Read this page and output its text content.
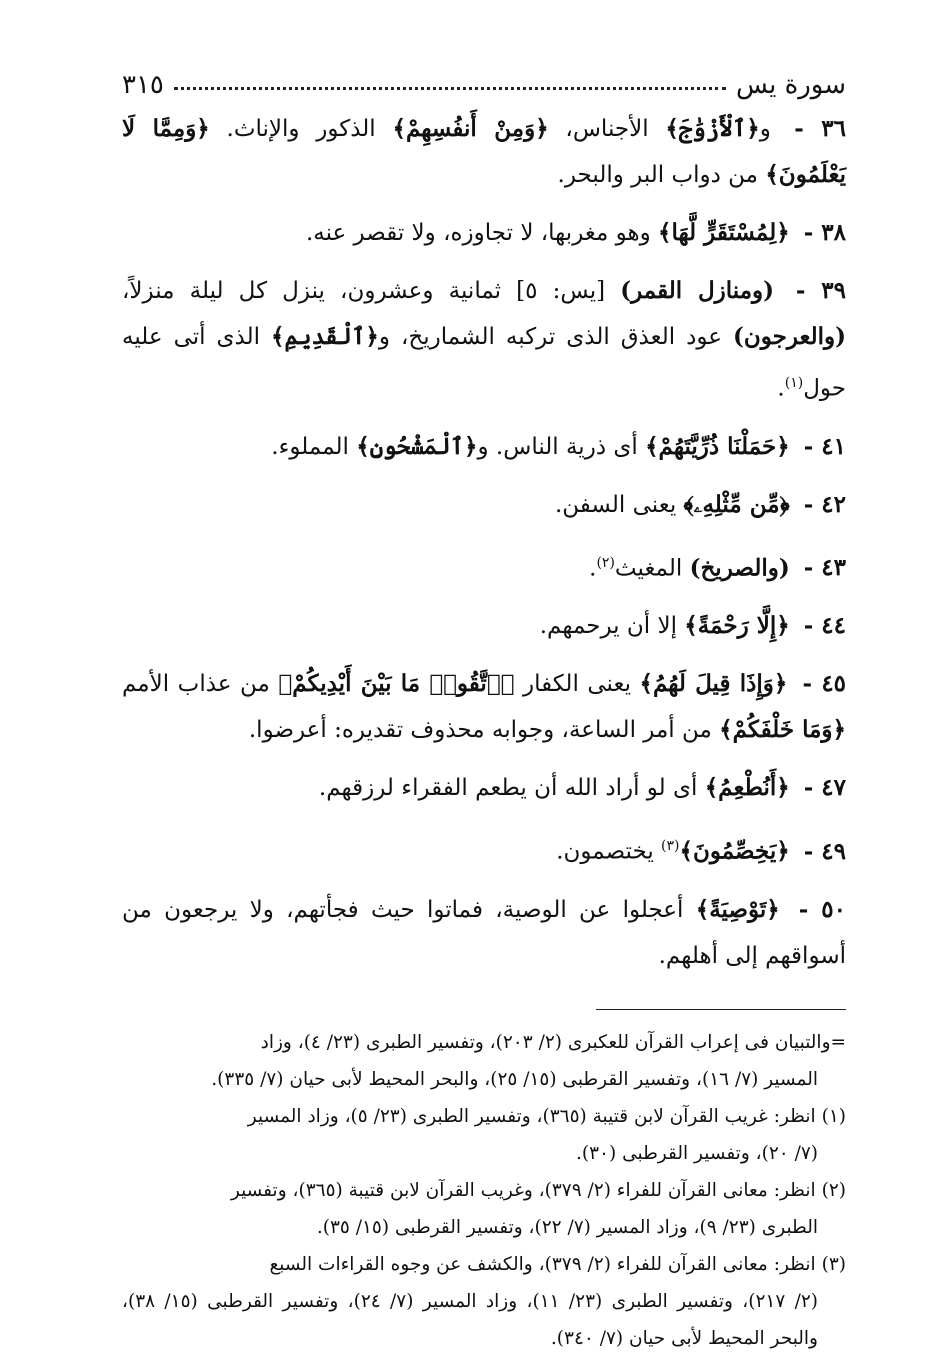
سورة يس
٣١٥

٣٦ - و﴿ٱلْأَزْوَٰجَ﴾ الأجناس، ﴿وَمِنْ أَنفُسِهِمْ﴾ الذكور والإناث. ﴿وَمِمَّا لَا يَعْلَمُونَ﴾ من دواب البر والبحر.

٣٨ - ﴿لِمُسْتَقَرٍّ لَّهَا﴾ وهو مغربها، لا تجاوزه، ولا تقصر عنه.

٣٩ - (ومنازل القمر) [يس: ٥] ثمانية وعشرون، ينزل كل ليلة منزلاً، (والعرجون) عود العذق الذى تركبه الشماريخ، و﴿ٱلْقَدِيمِ﴾ الذى أتى عليه حول$^{(١)}$.

٤١ - ﴿حَمَلْنَا ذُرِّيَّتَهُمْ﴾ أى ذرية الناس. و﴿ٱلْمَشْحُونِ﴾ المملوء.

٤٢ - ﴿مِّن مِّثْلِهِۦ﴾ يعنى السفن.

٤٣ - (والصريخ) المغيث$^{(٢)}$.

٤٤ - ﴿إِلَّا رَحْمَةً﴾ إلا أن يرحمهم.

٤٥ - ﴿وَإِذَا قِيلَ لَهُمُ﴾ يعنى الكفار ﴿ٱتَّقُوا۟ مَا بَيْنَ أَيْدِيكُمْ﴾ من عذاب الأمم ﴿وَمَا خَلْفَكُمْ﴾ من أمر الساعة، وجوابه محذوف تقديره: أعرضوا.

٤٧ - ﴿أَنُطْعِمُ﴾ أى لو أراد الله أن يطعم الفقراء لرزقهم.

٤٩ - ﴿يَخِصِّمُونَ﴾$^{(٣)}$ يختصمون.

٥٠ - ﴿تَوْصِيَةً﴾ أعجلوا عن الوصية، فماتوا حيث فجأتهم، ولا يرجعون من أسواقهم إلى أهلهم.

=والتبيان فى إعراب القرآن للعكبرى (٢/ ٢٠٣)، وتفسير الطبرى (٢٣/ ٤)، وزاد
المسير (٧/ ١٦)، وتفسير القرطبى (١٥/ ٢٥)، والبحر المحيط لأبى حيان (٧/ ٣٣٥).

(١)انظر: غريب القرآن لابن قتيبة (٣٦٥)، وتفسير الطبرى (٢٣/ ٥)، وزاد المسير
(٧/ ٢٠)، وتفسير القرطبى (٣٠).

(٢)انظر: معانى القرآن للفراء (٢/ ٣٧٩)، وغريب القرآن لابن قتيبة (٣٦٥)، وتفسير
الطبرى (٢٣/ ٩)، وزاد المسير (٧/ ٢٢)، وتفسير القرطبى (١٥/ ٣٥).

(٣)انظر: معانى القرآن للفراء (٢/ ٣٧٩)، والكشف عن وجوه القراءات السبع
(٢/ ٢١٧)، وتفسير الطبرى (٢٣/ ١١)، وزاد المسير (٧/ ٢٤)، وتفسير القرطبى (١٥/ ٣٨)، والبحر المحيط لأبى حيان (٧/ ٣٤٠).
